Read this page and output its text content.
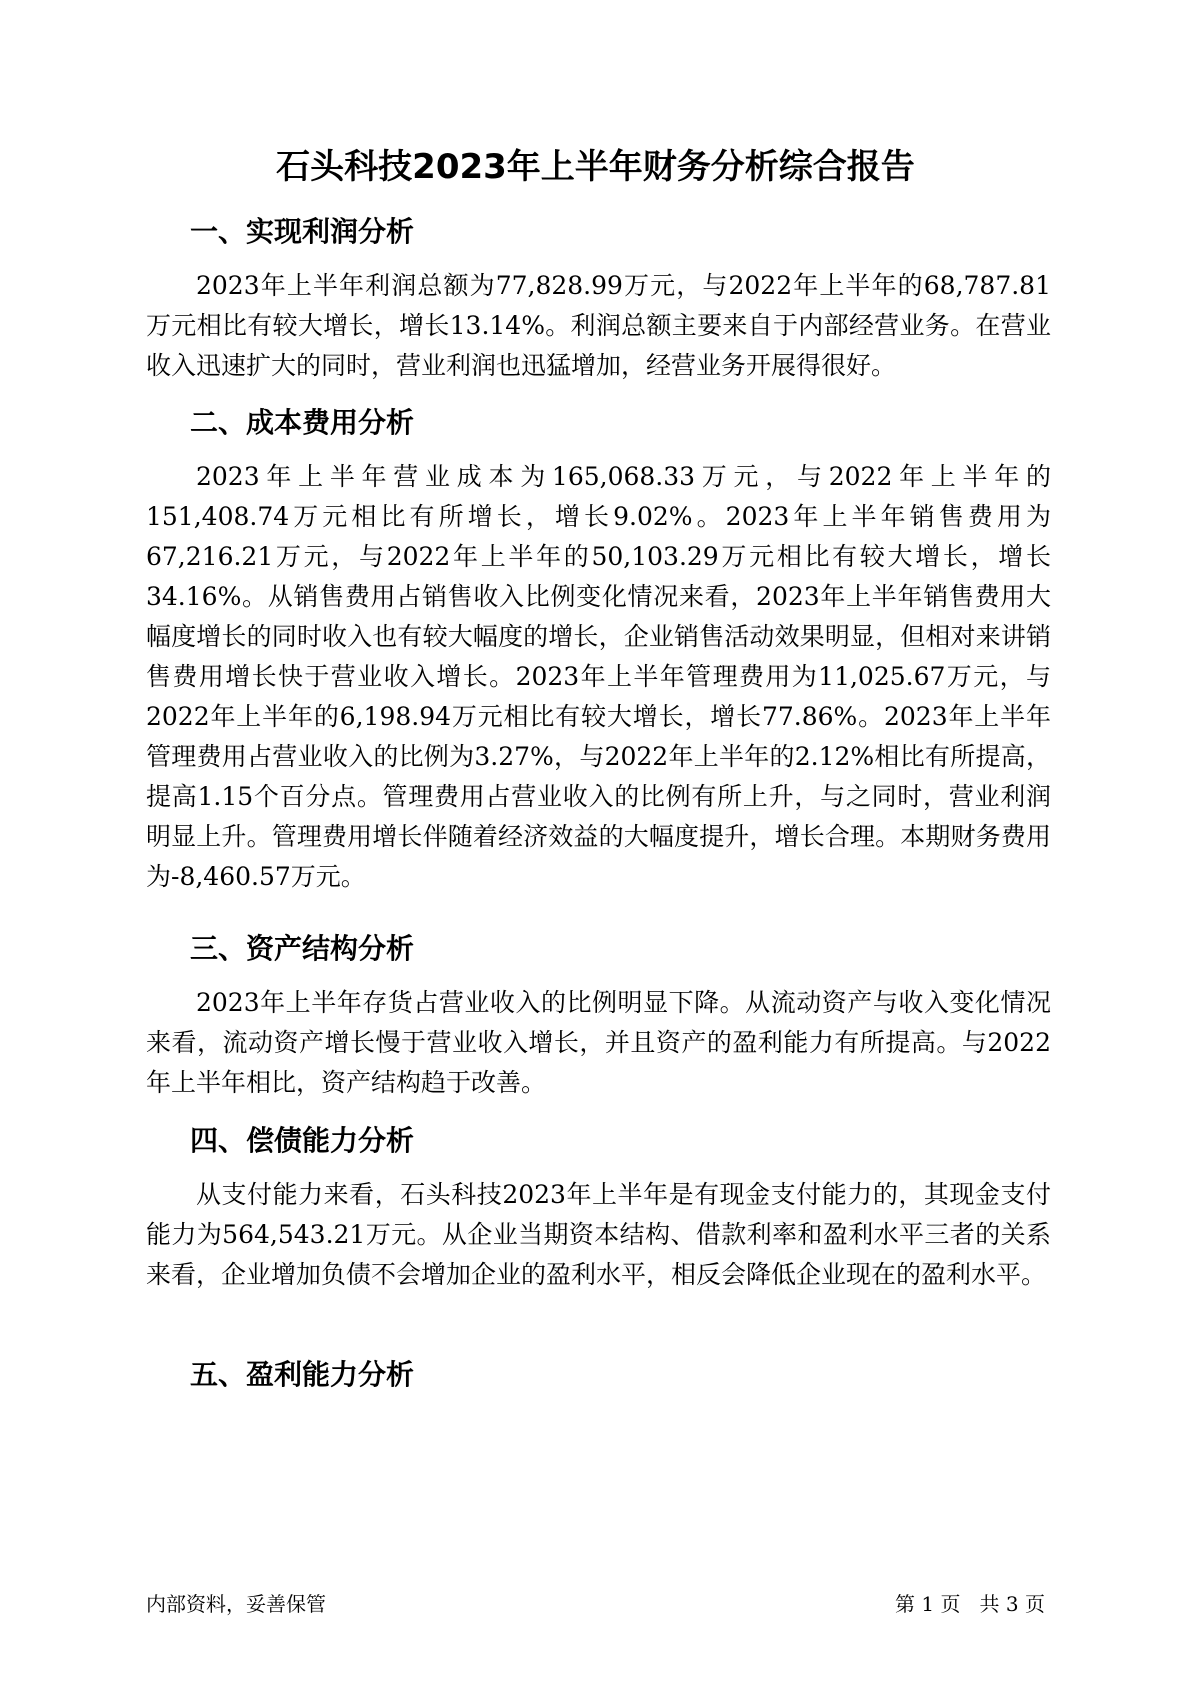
石头科技2023年上半年财务分析综合报告
一、实现利润分析
2023年上半年利润总额为77,828.99万元，与2022年上半年的68,787.81万元相比有较大增长，增长13.14%。利润总额主要来自于内部经营业务。在营业收入迅速扩大的同时，营业利润也迅猛增加，经营业务开展得很好。
二、成本费用分析
2023年上半年营业成本为165,068.33万元，与2022年上半年的151,408.74万元相比有所增长，增长9.02%。2023年上半年销售费用为67,216.21万元，与2022年上半年的50,103.29万元相比有较大增长，增长34.16%。从销售费用占销售收入比例变化情况来看，2023年上半年销售费用大幅度增长的同时收入也有较大幅度的增长，企业销售活动效果明显，但相对来讲销售费用增长快于营业收入增长。2023年上半年管理费用为11,025.67万元，与2022年上半年的6,198.94万元相比有较大增长，增长77.86%。2023年上半年管理费用占营业收入的比例为3.27%，与2022年上半年的2.12%相比有所提高，提高1.15个百分点。管理费用占营业收入的比例有所上升，与之同时，营业利润明显上升。管理费用增长伴随着经济效益的大幅度提升，增长合理。本期财务费用为-8,460.57万元。
三、资产结构分析
2023年上半年存货占营业收入的比例明显下降。从流动资产与收入变化情况来看，流动资产增长慢于营业收入增长，并且资产的盈利能力有所提高。与2022年上半年相比，资产结构趋于改善。
四、偿债能力分析
从支付能力来看，石头科技2023年上半年是有现金支付能力的，其现金支付能力为564,543.21万元。从企业当期资本结构、借款利率和盈利水平三者的关系来看，企业增加负债不会增加企业的盈利水平，相反会降低企业现在的盈利水平。
五、盈利能力分析
内部资料，妥善保管	第 1 页   共 3 页
